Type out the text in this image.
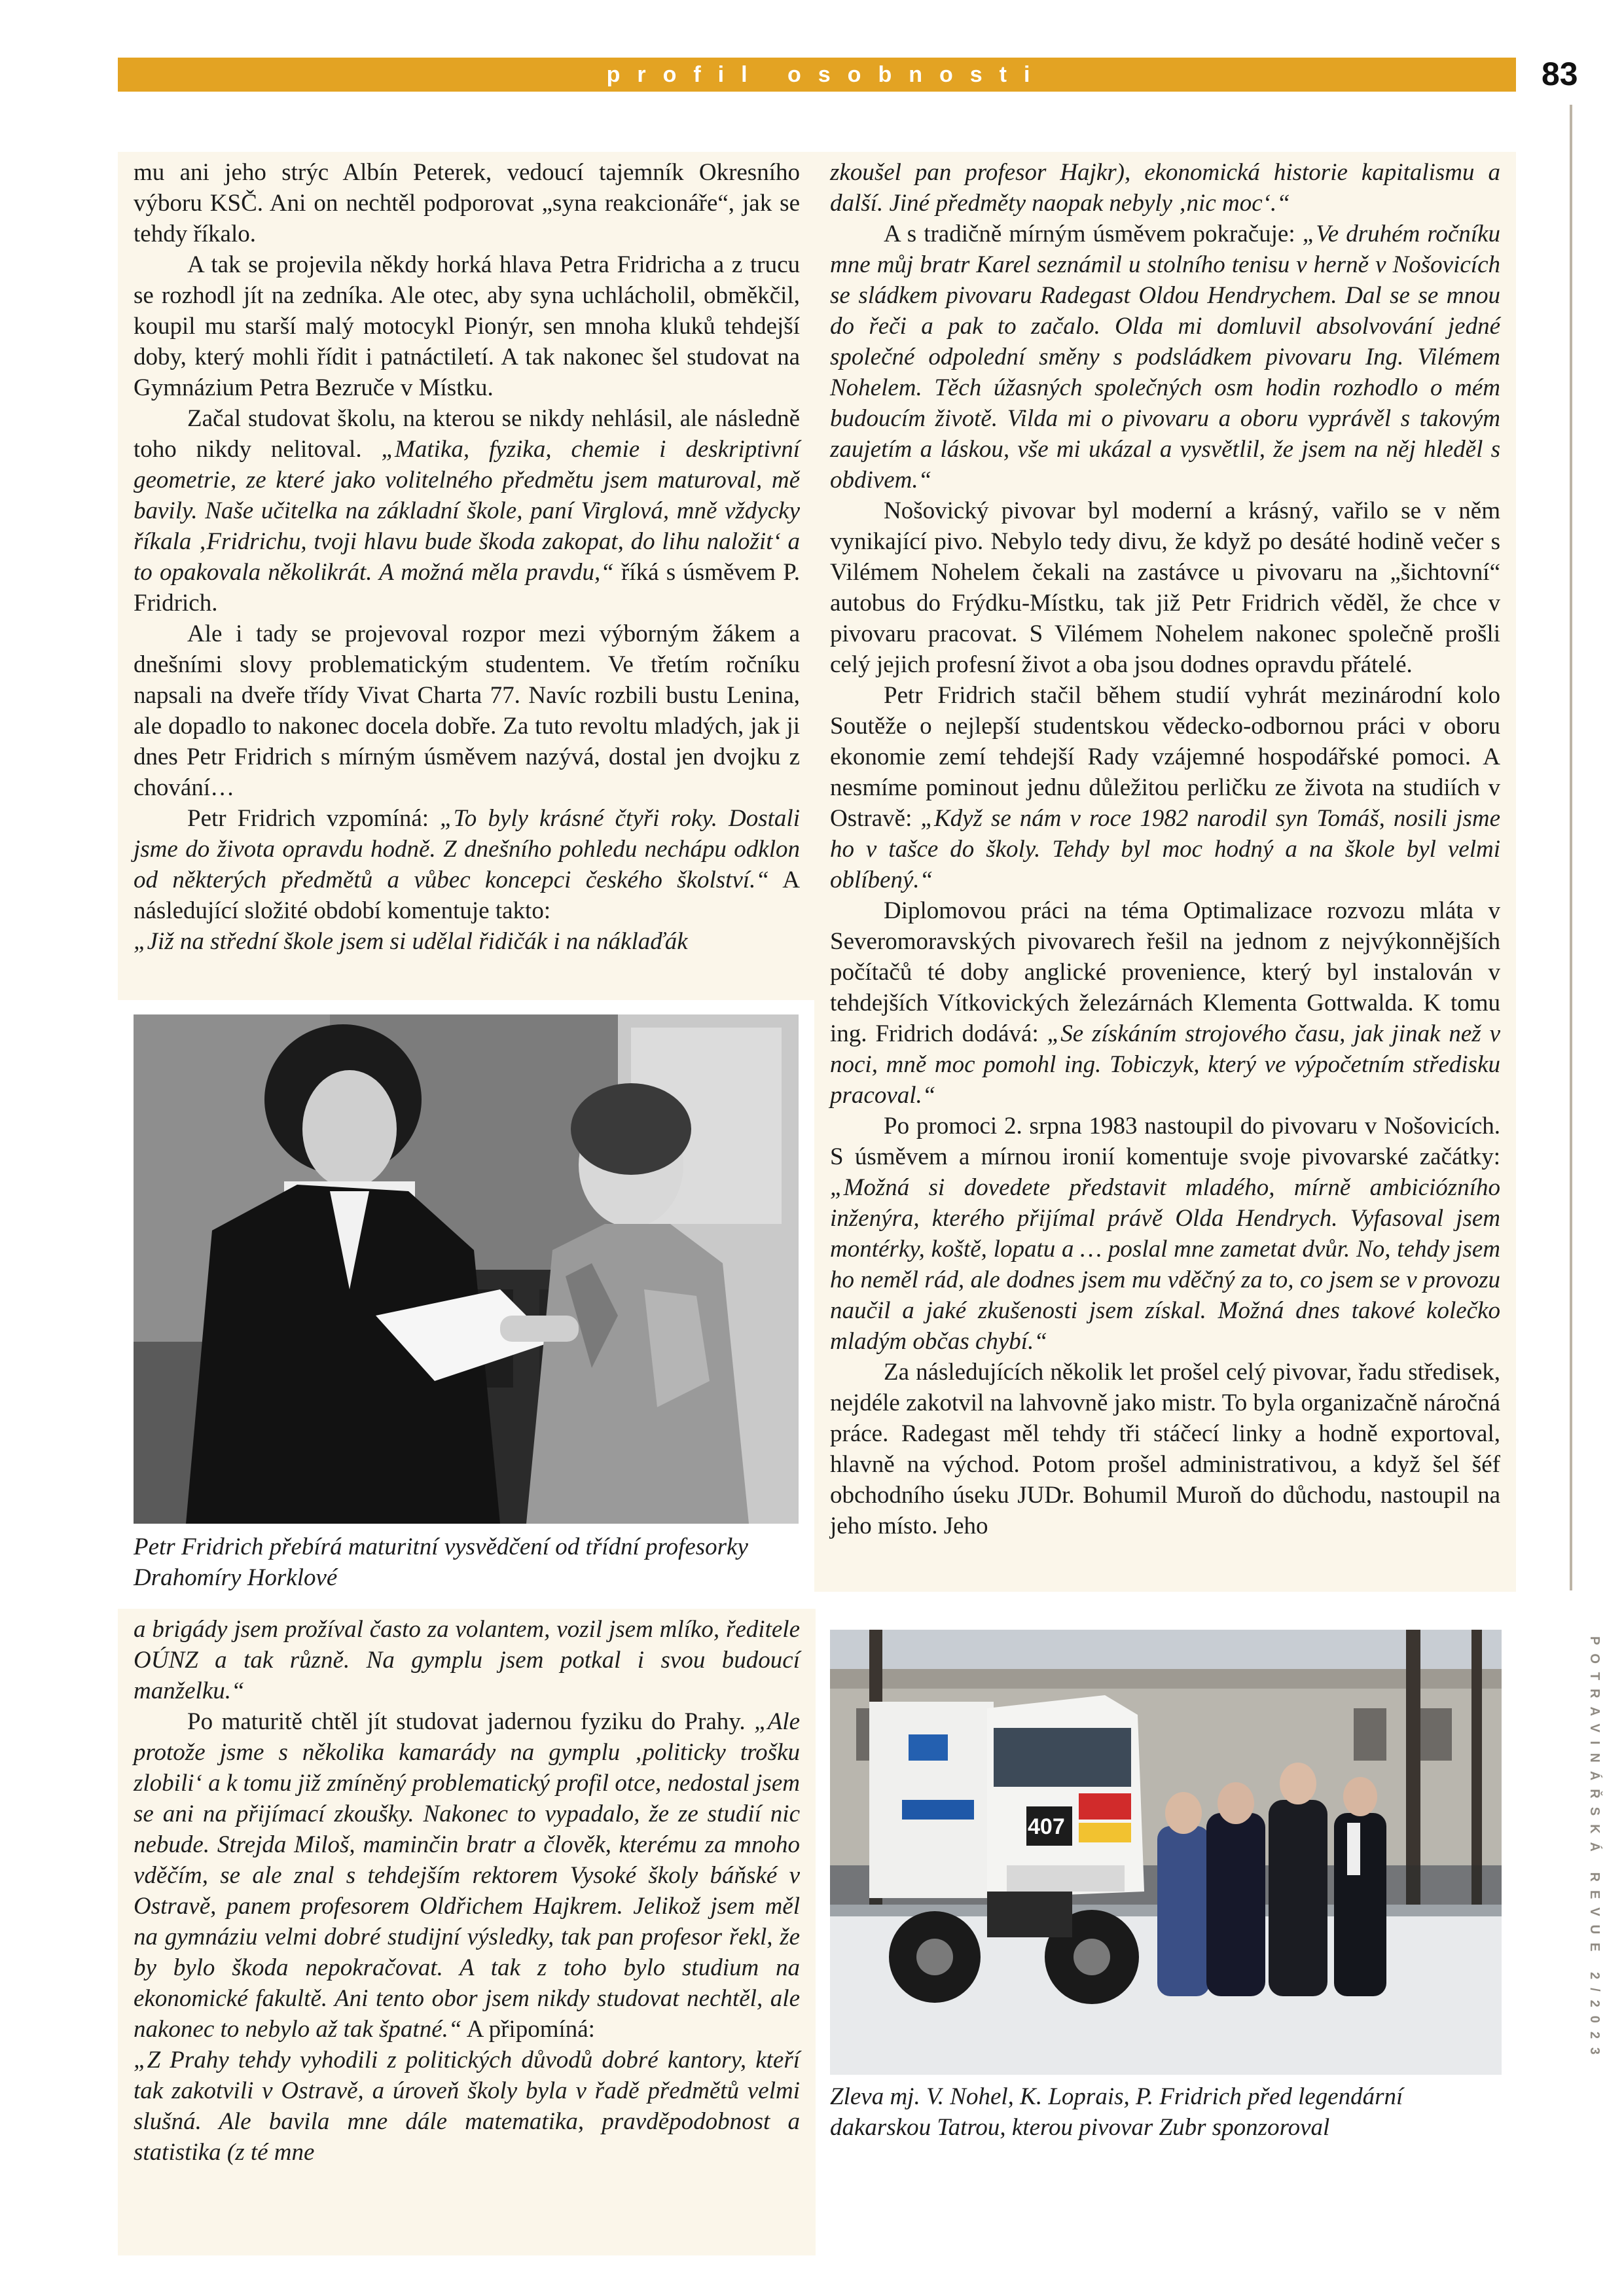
profil osobnosti	83
POTRAVINÁŘSKÁ REVUE 2/2023

mu ani jeho strýc Albín Peterek, vedoucí tajemník Okresního výboru KSČ. Ani on nechtěl podporovat „syna reakcionáře“, jak se tehdy říkalo.

A tak se projevila někdy horká hlava Petra Fridricha a z trucu se rozhodl jít na zedníka. Ale otec, aby syna uchlácholil, obměkčil, koupil mu starší malý motocykl Pionýr, sen mnoha kluků tehdejší doby, který mohli řídit i patnáctiletí. A tak nakonec šel studovat na Gymnázium Petra Bezruče v Místku.

Začal studovat školu, na kterou se nikdy nehlásil, ale následně toho nikdy nelitoval. „Matika, fyzika, chemie i deskriptivní geometrie, ze které jako volitelného předmětu jsem maturoval, mě bavily. Naše učitelka na základní škole, paní Virglová, mně vždycky říkala ‚Fridrichu, tvoji hlavu bude škoda zakopat, do lihu naložit‘ a to opakovala několikrát. A možná měla pravdu,“ říká s úsměvem P. Fridrich.

Ale i tady se projevoval rozpor mezi výborným žákem a dnešními slovy problematickým studentem. Ve třetím ročníku napsali na dveře třídy Vivat Charta 77. Navíc rozbili bustu Lenina, ale dopadlo to nakonec docela dobře. Za tuto revoltu mladých, jak ji dnes Petr Fridrich s mírným úsměvem nazývá, dostal jen dvojku z chování…

Petr Fridrich vzpomíná: „To byly krásné čtyři roky. Dostali jsme do života opravdu hodně. Z dnešního pohledu nechápu odklon od některých předmětů a vůbec koncepci českého školství.“ A následující složité období komentuje takto:

„Již na střední škole jsem si udělal řidičák i na náklaďák

Petr Fridrich přebírá maturitní vysvědčení od třídní profesorky Drahomíry Horklové

a brigády jsem prožíval často za volantem, vozil jsem mlíko, ředitele OÚNZ a tak různě. Na gymplu jsem potkal i svou budoucí manželku.“

Po maturitě chtěl jít studovat jadernou fyziku do Prahy. „Ale protože jsme s několika kamarády na gymplu ‚politicky trošku zlobili‘ a k tomu již zmíněný problematický profil otce, nedostal jsem se ani na přijímací zkoušky. Nakonec to vypadalo, že ze studií nic nebude. Strejda Miloš, maminčin bratr a člověk, kterému za mnoho vděčím, se ale znal s tehdejším rektorem Vysoké školy báňské v Ostravě, panem profesorem Oldřichem Hajkrem. Jelikož jsem měl na gymnáziu velmi dobré studijní výsledky, tak pan profesor řekl, že by bylo škoda nepokračovat. A tak z toho bylo studium na ekonomické fakultě. Ani tento obor jsem nikdy studovat nechtěl, ale nakonec to nebylo až tak špatné.“ A připomíná:

„Z Prahy tehdy vyhodili z politických důvodů dobré kantory, kteří tak zakotvili v Ostravě, a úroveň školy byla v řadě předmětů velmi slušná. Ale bavila mne dále matematika, pravděpodobnost a statistika (z té mne

zkoušel pan profesor Hajkr), ekonomická historie kapitalismu a další. Jiné předměty naopak nebyly ‚nic moc‘.“

A s tradičně mírným úsměvem pokračuje: „Ve druhém ročníku mne můj bratr Karel seznámil u stolního tenisu v herně v Nošovicích se sládkem pivovaru Radegast Oldou Hendrychem. Dal se se mnou do řeči a pak to začalo. Olda mi domluvil absolvování jedné společné odpolední směny s podsládkem pivovaru Ing. Vilémem Nohelem. Těch úžasných společných osm hodin rozhodlo o mém budoucím životě. Vilda mi o pivovaru a oboru vyprávěl s takovým zaujetím a láskou, vše mi ukázal a vysvětlil, že jsem na něj hleděl s obdivem.“

Nošovický pivovar byl moderní a krásný, vařilo se v něm vynikající pivo. Nebylo tedy divu, že když po desáté hodině večer s Vilémem Nohelem čekali na zastávce u pivovaru na „šichtovní“ autobus do Frýdku-Místku, tak již Petr Fridrich věděl, že chce v pivovaru pracovat. S Vilémem Nohelem nakonec společně prošli celý jejich profesní život a oba jsou dodnes opravdu přátelé.

Petr Fridrich stačil během studií vyhrát mezinárodní kolo Soutěže o nejlepší studentskou vědecko-odbornou práci v oboru ekonomie zemí tehdejší Rady vzájemné hospodářské pomoci. A nesmíme pominout jednu důležitou perličku ze života na studiích v Ostravě: „Když se nám v roce 1982 narodil syn Tomáš, nosili jsme ho v tašce do školy. Tehdy byl moc hodný a na škole byl velmi oblíbený.“

Diplomovou práci na téma Optimalizace rozvozu mláta v Severomoravských pivovarech řešil na jednom z nejvýkonnějších počítačů té doby anglické provenience, který byl instalován v tehdejších Vítkovických železárnách Klementa Gottwalda. K tomu ing. Fridrich dodává: „Se získáním strojového času, jak jinak než v noci, mně moc pomohl ing. Tobiczyk, který ve výpočetním středisku pracoval.“

Po promoci 2. srpna 1983 nastoupil do pivovaru v Nošovicích. S úsměvem a mírnou ironií komentuje svoje pivovarské začátky: „Možná si dovedete představit mladého, mírně ambiciózního inženýra, kterého přijímal právě Olda Hendrych. Vyfasoval jsem montérky, koště, lopatu a … poslal mne zametat dvůr. No, tehdy jsem ho neměl rád, ale dodnes jsem mu vděčný za to, co jsem se v provozu naučil a jaké zkušenosti jsem získal. Možná dnes takové kolečko mladým občas chybí.“

Za následujících několik let prošel celý pivovar, řadu středisek, nejdéle zakotvil na lahvovně jako mistr. To byla organizačně náročná práce. Radegast měl tehdy tři stáčecí linky a hodně exportoval, hlavně na východ. Potom prošel administrativou, a když šel šéf obchodního úseku JUDr. Bohumil Muroň do důchodu, nastoupil na jeho místo. Jeho

407
Zleva mj. V. Nohel, K. Loprais, P. Fridrich před legendární dakarskou Tatrou, kterou pivovar Zubr sponzoroval
